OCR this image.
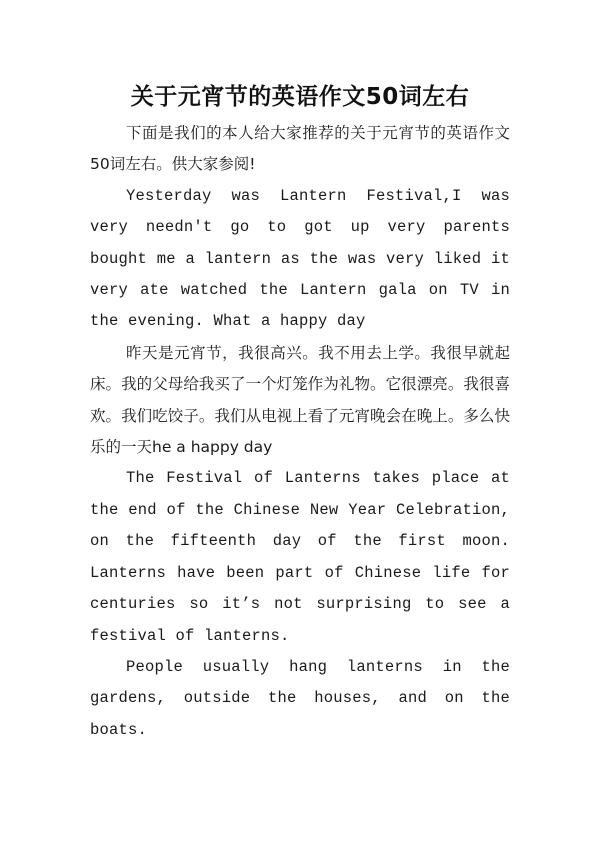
关于元宵节的英语作文50词左右

下面是我们的本人给大家推荐的关于元宵节的英语作文50词左右。供大家参阅!

Yesterday was Lantern Festival,I was very needn't go to got up very parents bought me a lantern as the was very liked it very ate watched the Lantern gala on TV in the evening. What a happy day

昨天是元宵节，我很高兴。我不用去上学。我很早就起床。我的父母给我买了一个灯笼作为礼物。它很漂亮。我很喜欢。我们吃饺子。我们从电视上看了元宵晚会在晚上。多么快乐的一天he a happy day

The Festival of Lanterns takes place at the end of the Chinese New Year Celebration, on the fifteenth day of the first moon. Lanterns have been part of Chinese life for centuries so it’s not surprising to see a festival of lanterns.

People usually hang lanterns in the gardens, outside the houses, and on the boats.
